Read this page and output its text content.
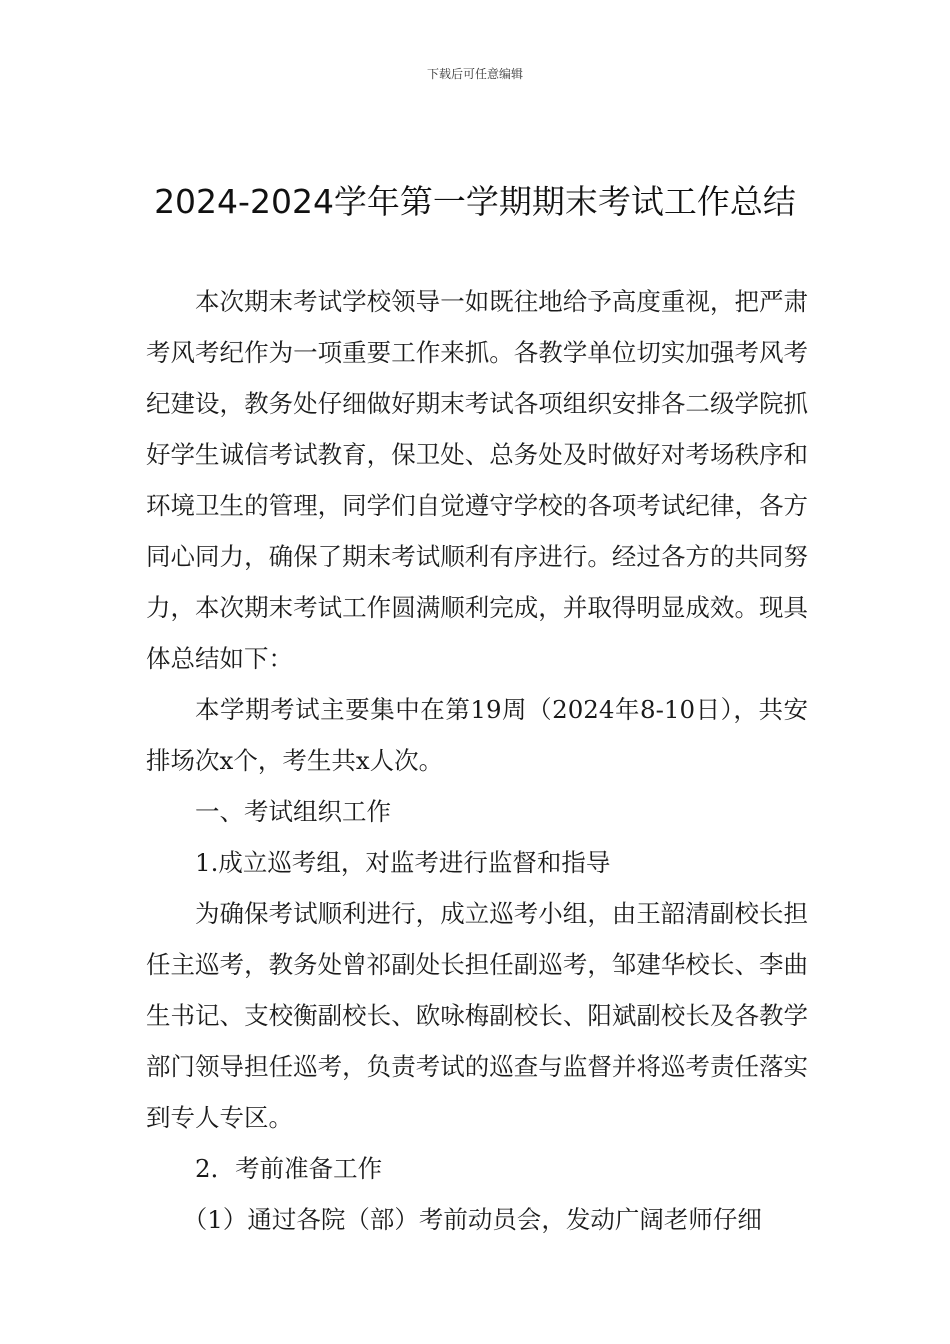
下载后可任意编辑
2024-2024学年第一学期期末考试工作总结

本次期末考试学校领导一如既往地给予高度重视，把严肃考风考纪作为一项重要工作来抓。各教学单位切实加强考风考纪建设，教务处仔细做好期末考试各项组织安排各二级学院抓好学生诚信考试教育，保卫处、总务处及时做好对考场秩序和环境卫生的管理，同学们自觉遵守学校的各项考试纪律，各方同心同力，确保了期末考试顺利有序进行。经过各方的共同努力，本次期末考试工作圆满顺利完成，并取得明显成效。现具体总结如下：

本学期考试主要集中在第19周（2024年8-10日），共安排场次x个，考生共x人次。

一、考试组织工作

1.成立巡考组，对监考进行监督和指导

为确保考试顺利进行，成立巡考小组，由王韶清副校长担任主巡考，教务处曾祁副处长担任副巡考，邹建华校长、李曲生书记、支校衡副校长、欧咏梅副校长、阳斌副校长及各教学部门领导担任巡考，负责考试的巡查与监督并将巡考责任落实到专人专区。

2．考前准备工作

（1）通过各院（部）考前动员会，发动广阔老师仔细
